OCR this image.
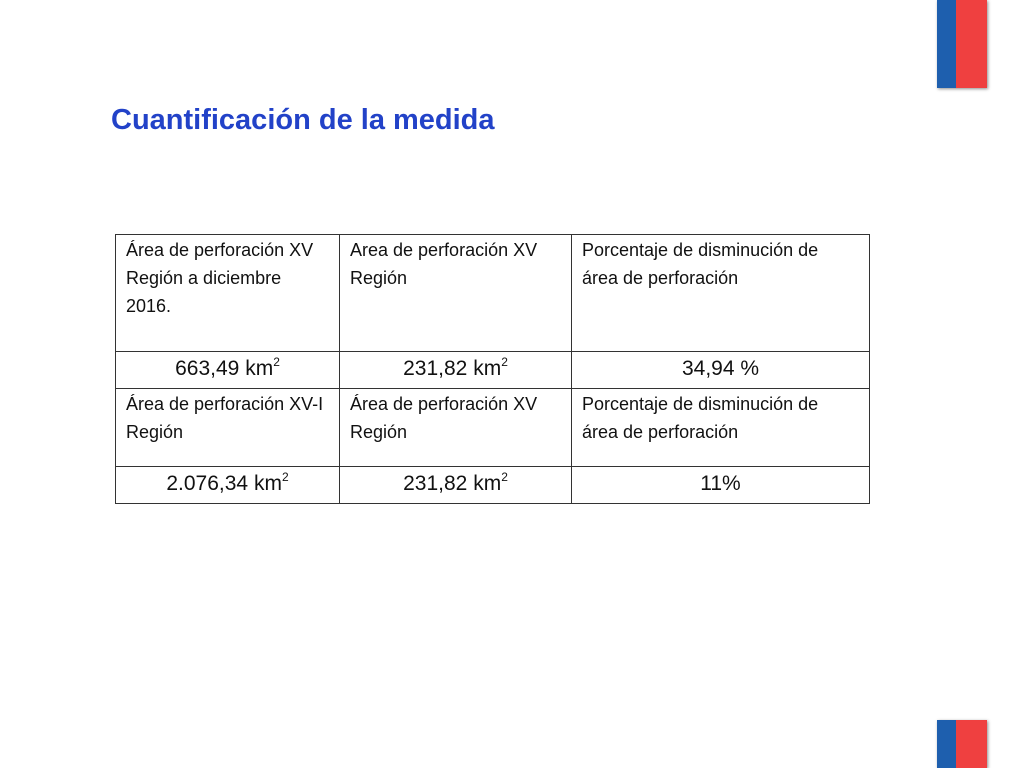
Cuantificación de la medida
Área de perforación XV Región a diciembre 2016.	Area de perforación XV Región	Porcentaje de disminución de área de perforación
663,49 $km^2$	231,82 $km^2$	34,94 %
Área de perforación XV-I Región	Área de perforación XV Región	Porcentaje de disminución de área de perforación
2.076,34 $km^2$	231,82 $km^2$	11%
